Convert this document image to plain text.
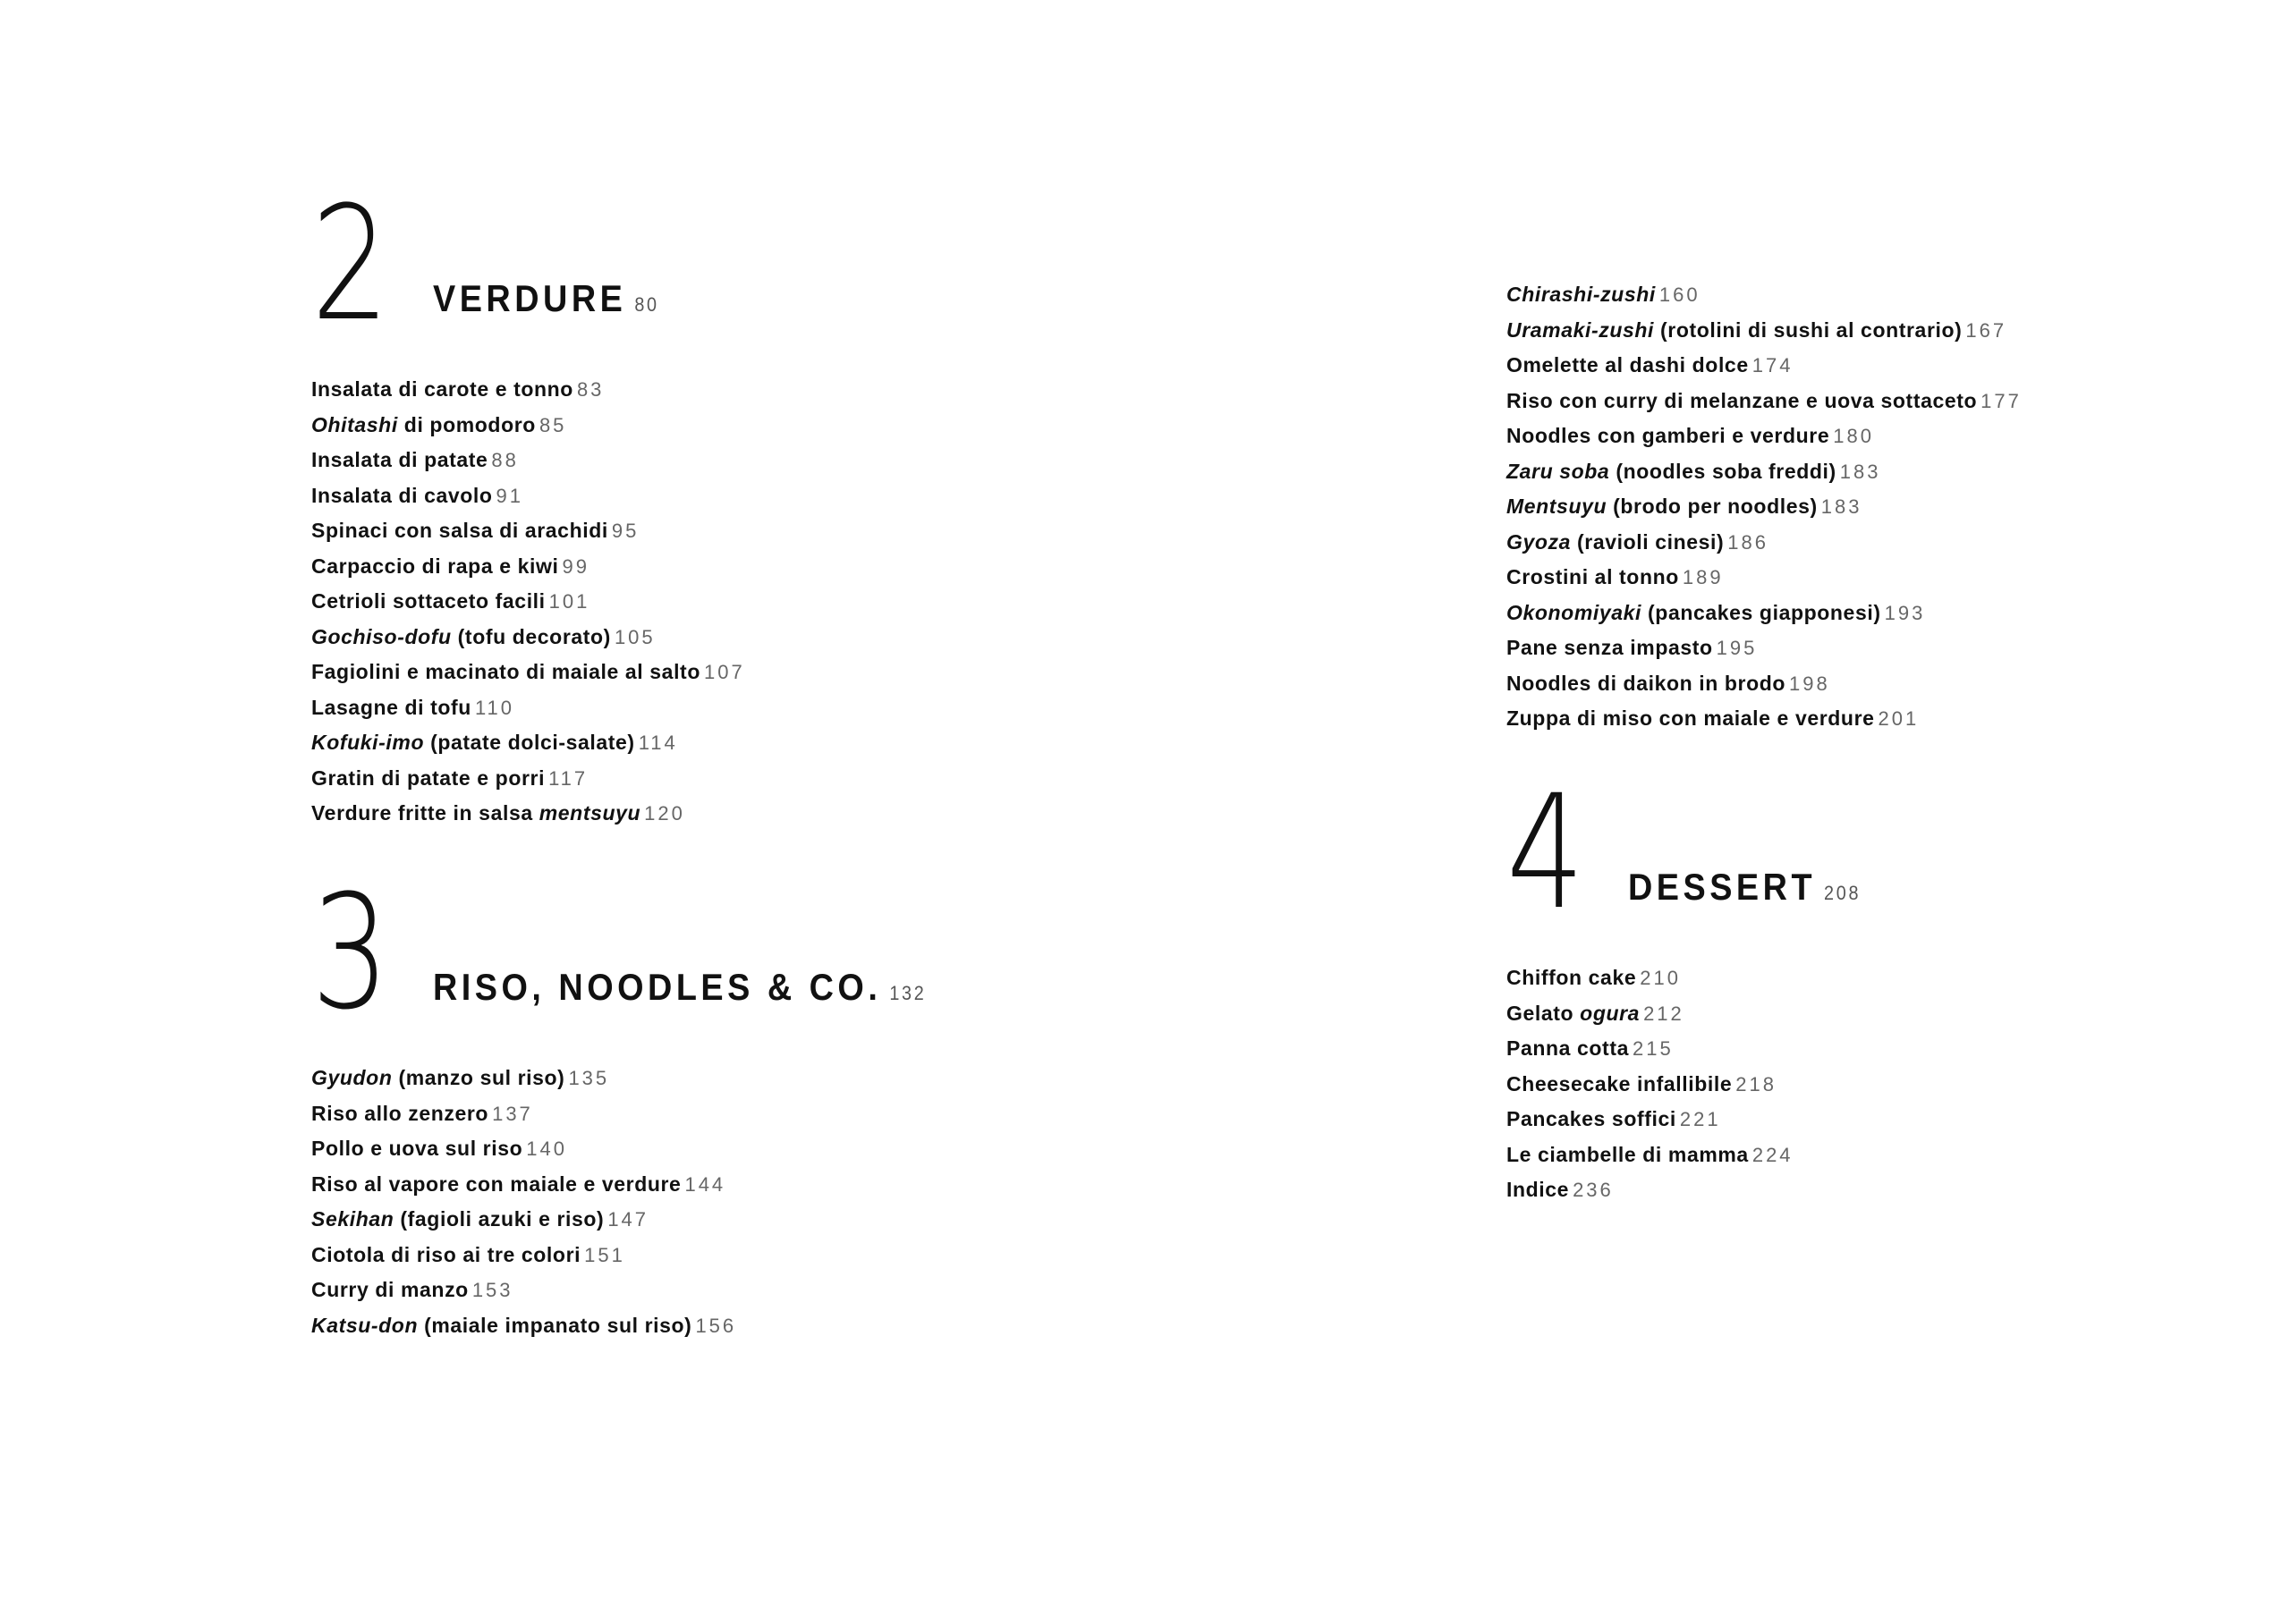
2	VERDURE 80
Insalata di carote e tonno 83
Ohitashi di pomodoro 85
Insalata di patate 88
Insalata di cavolo 91
Spinaci con salsa di arachidi 95
Carpaccio di rapa e kiwi 99
Cetrioli sottaceto facili 101
Gochiso-dofu (tofu decorato) 105
Fagiolini e macinato di maiale al salto 107
Lasagne di tofu 110
Kofuki-imo (patate dolci-salate) 114
Gratin di patate e porri 117
Verdure fritte in salsa mentsuyu 120
3	RISO, NOODLES & CO. 132
Gyudon (manzo sul riso) 135
Riso allo zenzero 137
Pollo e uova sul riso 140
Riso al vapore con maiale e verdure 144
Sekihan (fagioli azuki e riso) 147
Ciotola di riso ai tre colori 151
Curry di manzo 153
Katsu-don (maiale impanato sul riso) 156
Chirashi-zushi 160
Uramaki-zushi (rotolini di sushi al contrario) 167
Omelette al dashi dolce 174
Riso con curry di melanzane e uova sottaceto 177
Noodles con gamberi e verdure 180
Zaru soba (noodles soba freddi) 183
Mentsuyu (brodo per noodles) 183
Gyoza (ravioli cinesi) 186
Crostini al tonno 189
Okonomiyaki (pancakes giapponesi) 193
Pane senza impasto 195
Noodles di daikon in brodo 198
Zuppa di miso con maiale e verdure 201
4	DESSERT 208
Chiffon cake 210
Gelato ogura 212
Panna cotta 215
Cheesecake infallibile 218
Pancakes soffici 221
Le ciambelle di mamma 224
Indice 236
